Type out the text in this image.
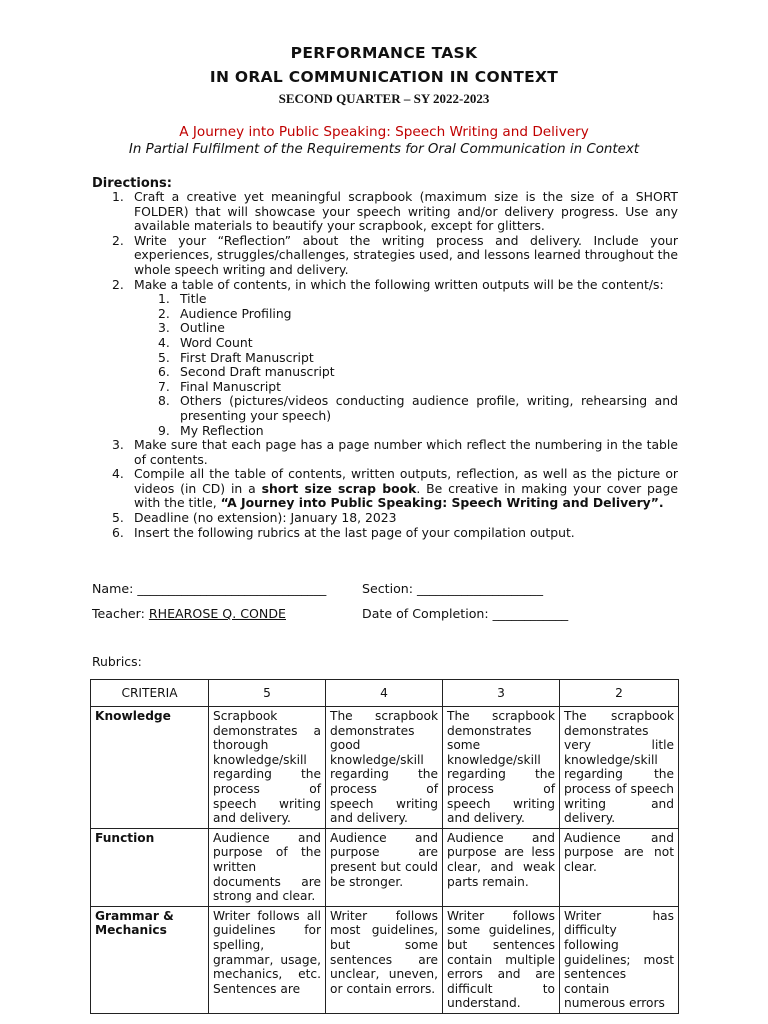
PERFORMANCE TASK
IN ORAL COMMUNICATION IN CONTEXT
SECOND QUARTER – SY 2022-2023
A Journey into Public Speaking: Speech Writing and Delivery
In Partial Fulfilment of the Requirements for Oral Communication in Context
Directions:
1. Craft a creative yet meaningful scrapbook (maximum size is the size of a SHORT FOLDER) that will showcase your speech writing and/or delivery progress. Use any available materials to beautify your scrapbook, except for glitters.
2. Write your “Reflection” about the writing process and delivery. Include your experiences, struggles/challenges, strategies used, and lessons learned throughout the whole speech writing and delivery.
2. Make a table of contents, in which the following written outputs will be the content/s:
1. Title
2. Audience Profiling
3. Outline
4. Word Count
5. First Draft Manuscript
6. Second Draft manuscript
7. Final Manuscript
8. Others (pictures/videos conducting audience profile, writing, rehearsing and presenting your speech)
9. My Reflection
3. Make sure that each page has a page number which reflect the numbering in the table of contents.
4. Compile all the table of contents, written outputs, reflection, as well as the picture or videos (in CD) in a short size scrap book. Be creative in making your cover page with the title, “A Journey into Public Speaking: Speech Writing and Delivery”.
5. Deadline (no extension): January 18, 2023
6. Insert the following rubrics at the last page of your compilation output.
Name: ______________________________	Section: ____________________
Teacher: RHEAROSE Q. CONDE	Date of Completion: ____________
Rubrics:
CRITERIA	5	4	3	2
Knowledge	Scrapbook demonstrates a thorough knowledge/skill regarding the process of speech writing and delivery.	The scrapbook demonstrates good knowledge/skill regarding the process of speech writing and delivery.	The scrapbook demonstrates some knowledge/skill regarding the process of speech writing and delivery.	The scrapbook demonstrates very litle knowledge/skill regarding the process of speech writing and delivery.
Function	Audience and purpose of the written documents are strong and clear.	Audience and purpose are present but could be stronger.	Audience and purpose are less clear, and weak parts remain.	Audience and purpose are not clear.
Grammar & Mechanics	Writer follows all guidelines for spelling, grammar, usage, mechanics, etc. Sentences are	Writer follows most guidelines, but some sentences are unclear, uneven, or contain errors.	Writer follows some guidelines, but sentences contain multiple errors and are difficult to understand.	Writer has difficulty following guidelines; most sentences contain numerous errors
